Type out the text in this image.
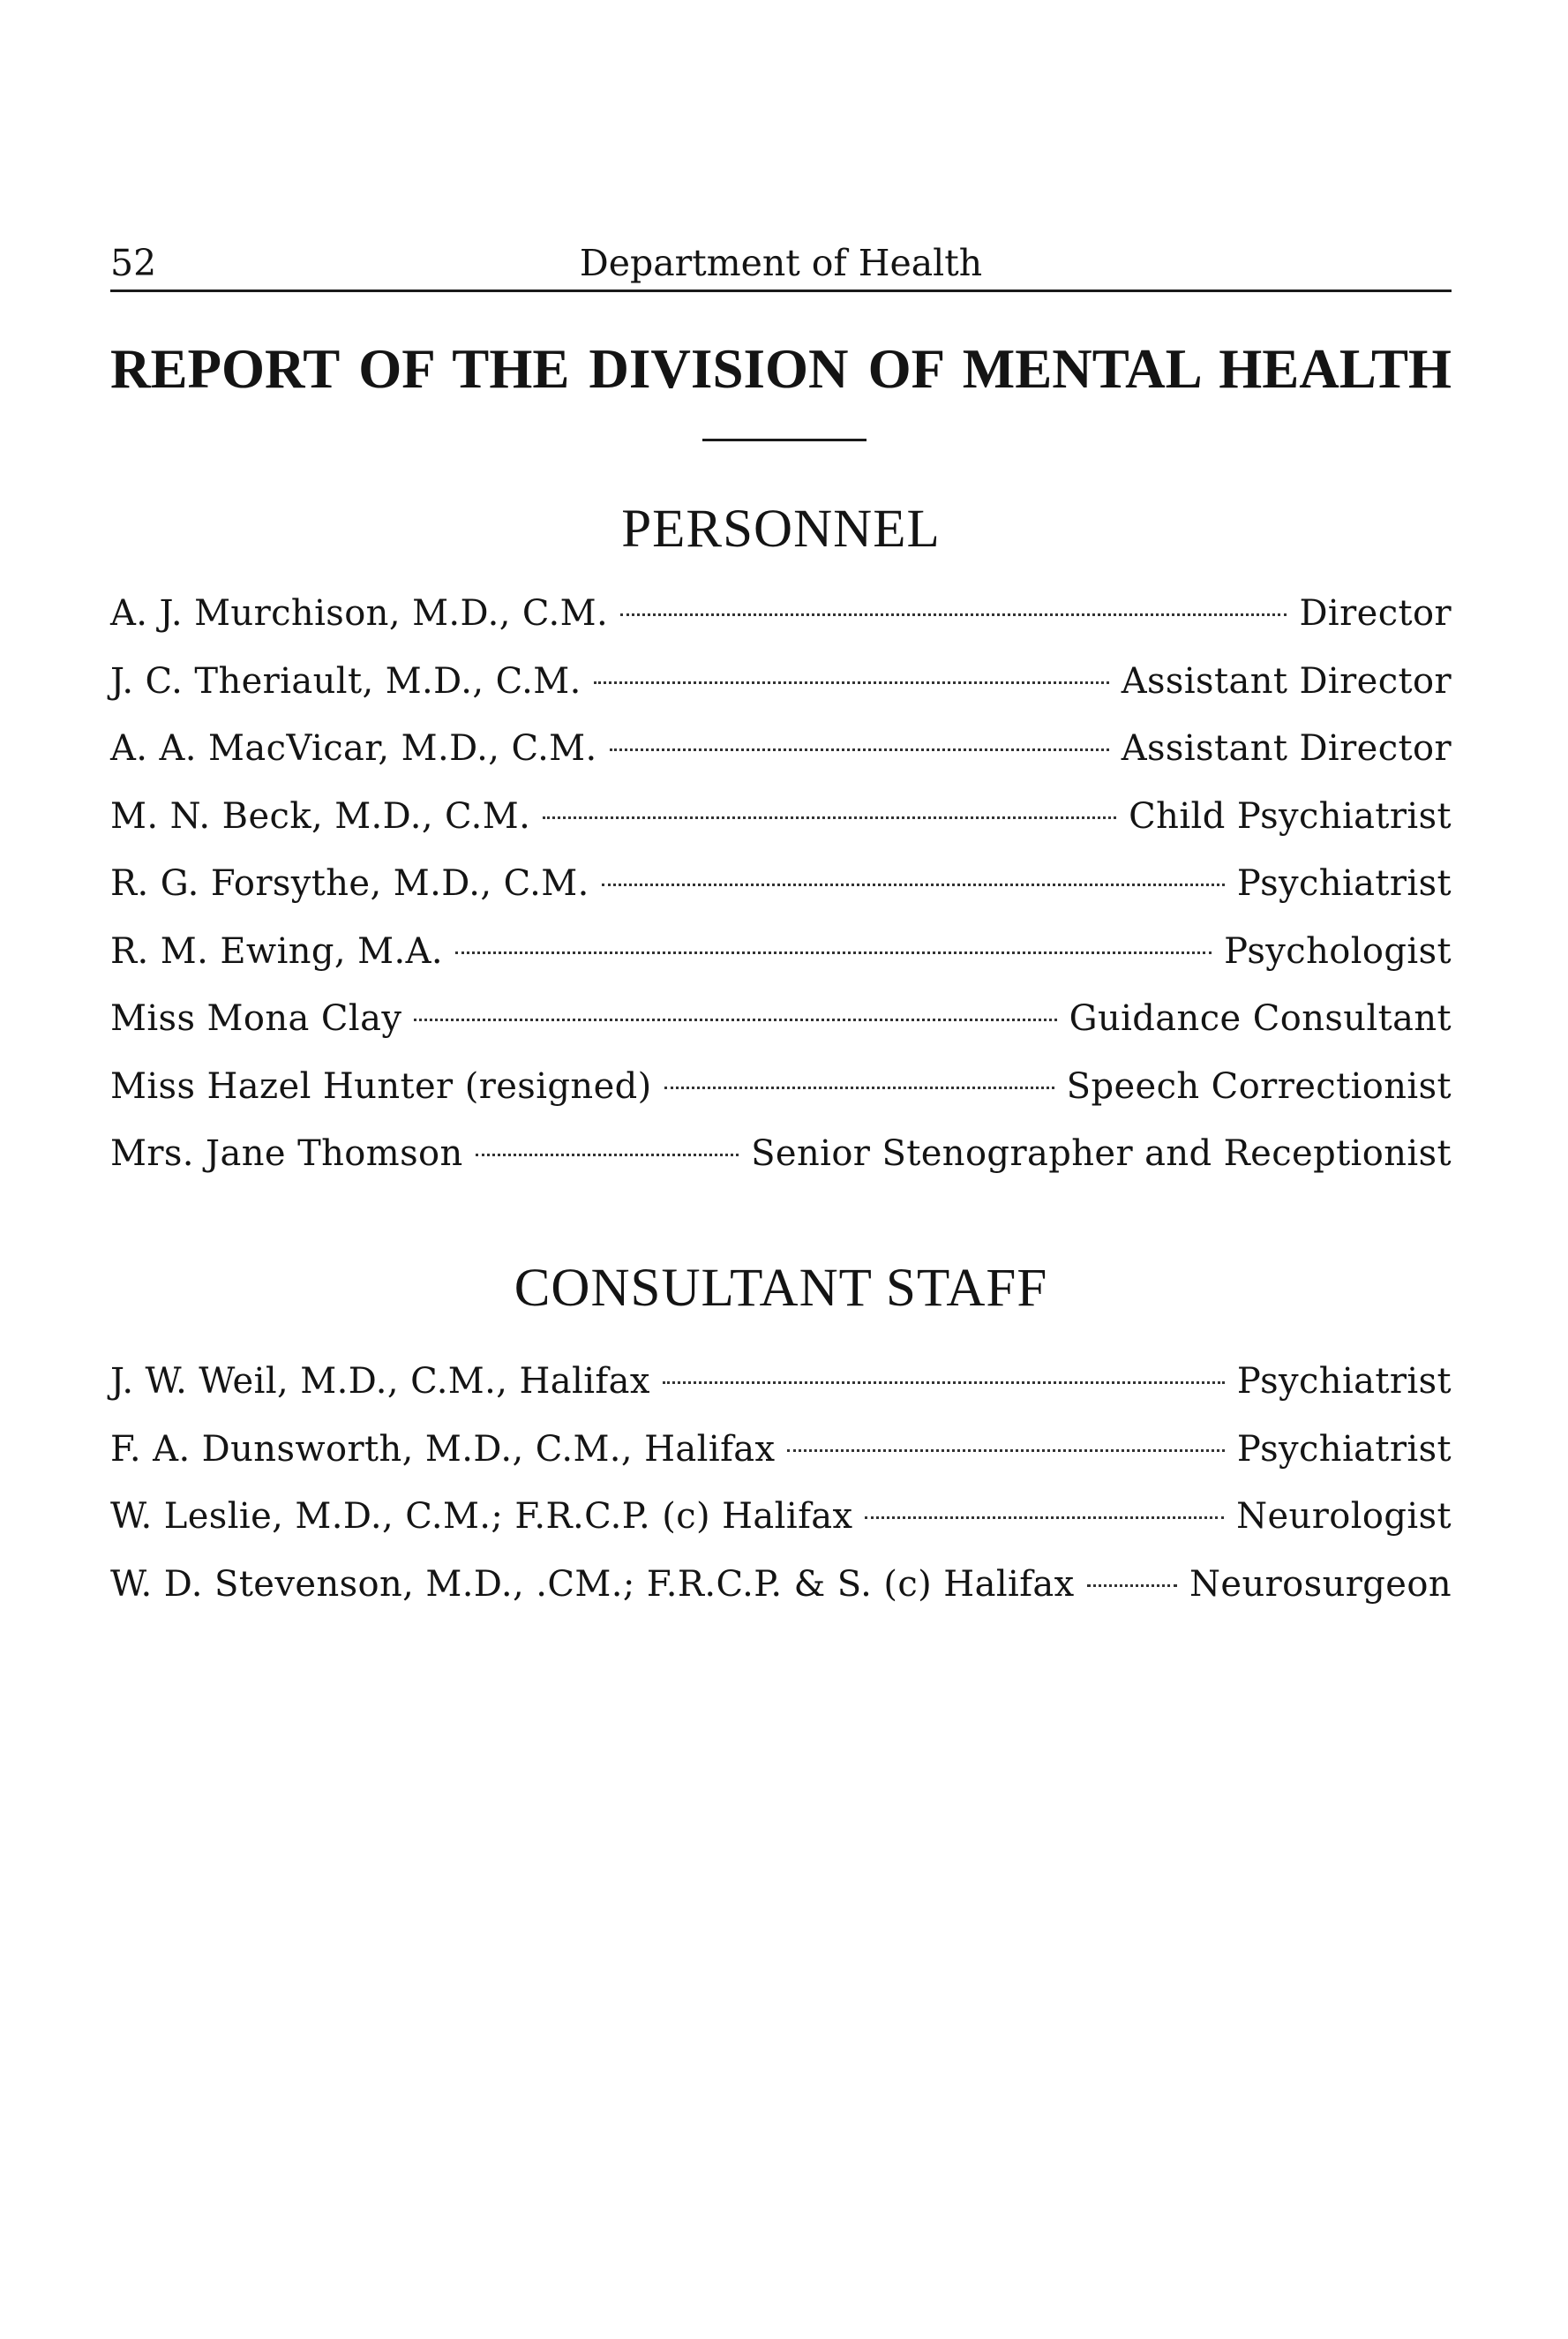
52	Department of Health
REPORT OF THE DIVISION OF MENTAL HEALTH
PERSONNEL
A. J. Murchison, M.D., C.M.	Director
J. C. Theriault, M.D., C.M.	Assistant Director
A. A. MacVicar, M.D., C.M.	Assistant Director
M. N. Beck, M.D., C.M.	Child Psychiatrist
R. G. Forsythe, M.D., C.M.	Psychiatrist
R. M. Ewing, M.A.	Psychologist
Miss Mona Clay	Guidance Consultant
Miss Hazel Hunter (resigned)	Speech Correctionist
Mrs. Jane Thomson	Senior Stenographer and Receptionist
CONSULTANT STAFF
J. W. Weil, M.D., C.M., Halifax	Psychiatrist
F. A. Dunsworth, M.D., C.M., Halifax	Psychiatrist
W. Leslie, M.D., C.M.; F.R.C.P. (c) Halifax	Neurologist
W. D. Stevenson, M.D., .CM.; F.R.C.P. & S. (c) Halifax	Neurosurgeon
